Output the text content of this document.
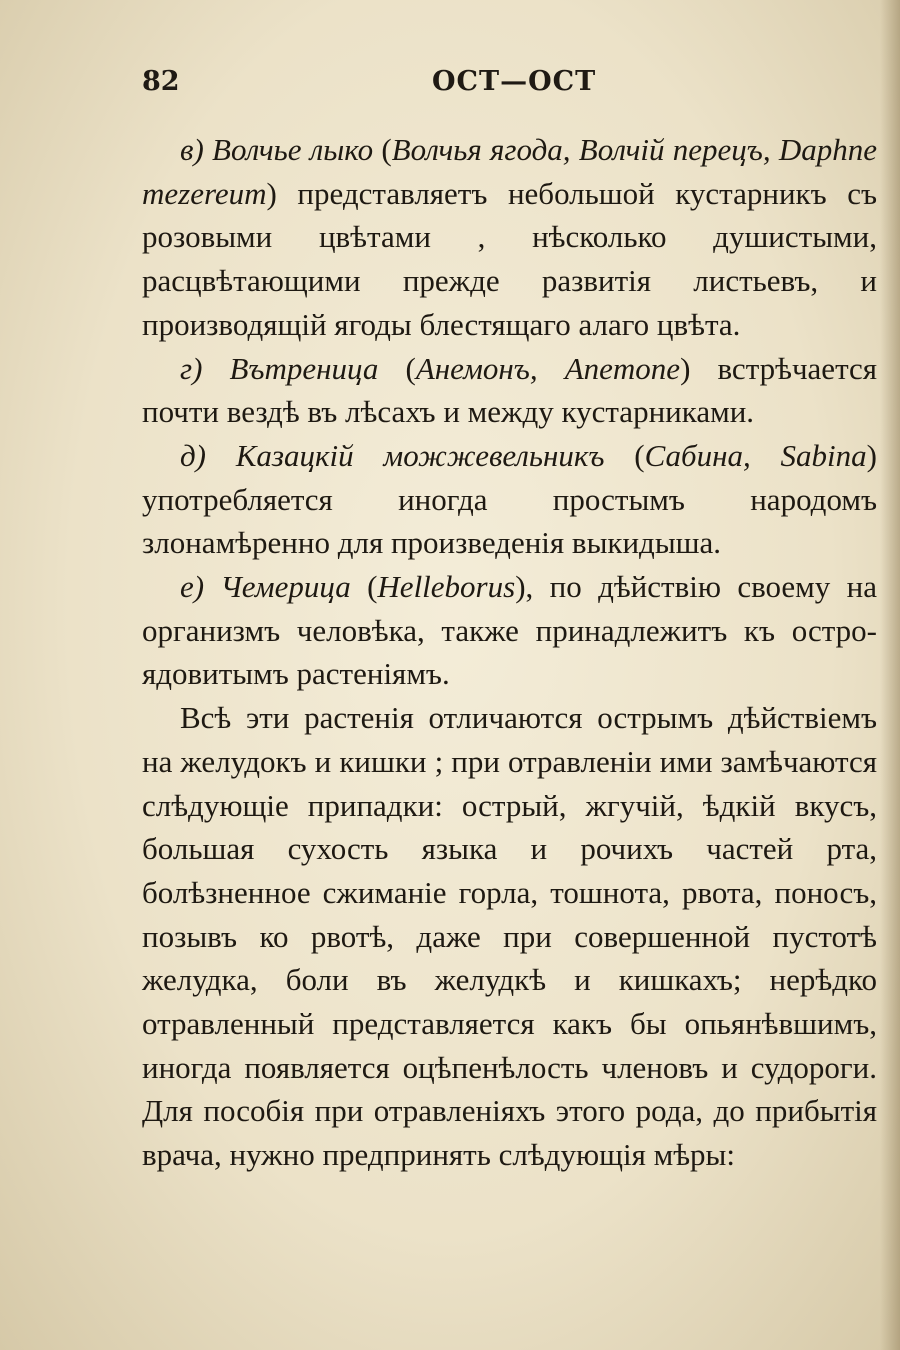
82	ОСТ—ОСТ

в) Волчье лыко (Волчья ягода, Волчій перецъ, Daphne mezereum) представляетъ небольшой кустарникъ съ розовыми цвѣтами , нѣсколько душистыми, расцвѣтающими прежде развитія листьевъ, и производящій ягоды блестящаго алаго цвѣта.

г) Вътреница (Анемонъ, Anemone) встрѣчается почти вездѣ въ лѣсахъ и между кустарниками.

д) Казацкій можжевельникъ (Сабина, Sabina) употребляется иногда простымъ народомъ злонамѣренно для произведенія выкидыша.

е) Чемерица (Helleborus), по дѣйствію своему на организмъ человѣка, также принадлежитъ къ остро-ядовитымъ растеніямъ.

Всѣ эти растенія отличаются острымъ дѣйствіемъ на желудокъ и кишки ; при отравленіи ими замѣчаются слѣдующіе припадки: острый, жгучій, ѣдкій вкусъ, большая сухость языка и рочихъ частей рта, болѣзненное сжиманіе горла, тошнота, рвота, поносъ, позывъ ко рвотѣ, даже при совершенной пустотѣ желудка, боли въ желудкѣ и кишкахъ; нерѣдко отравленный представляется какъ бы опьянѣвшимъ, иногда появляется оцѣпенѣлость членовъ и судороги. Для пособія при отравленіяхъ этого рода, до прибытія врача, нужно предпринять слѣдующія мѣры:
